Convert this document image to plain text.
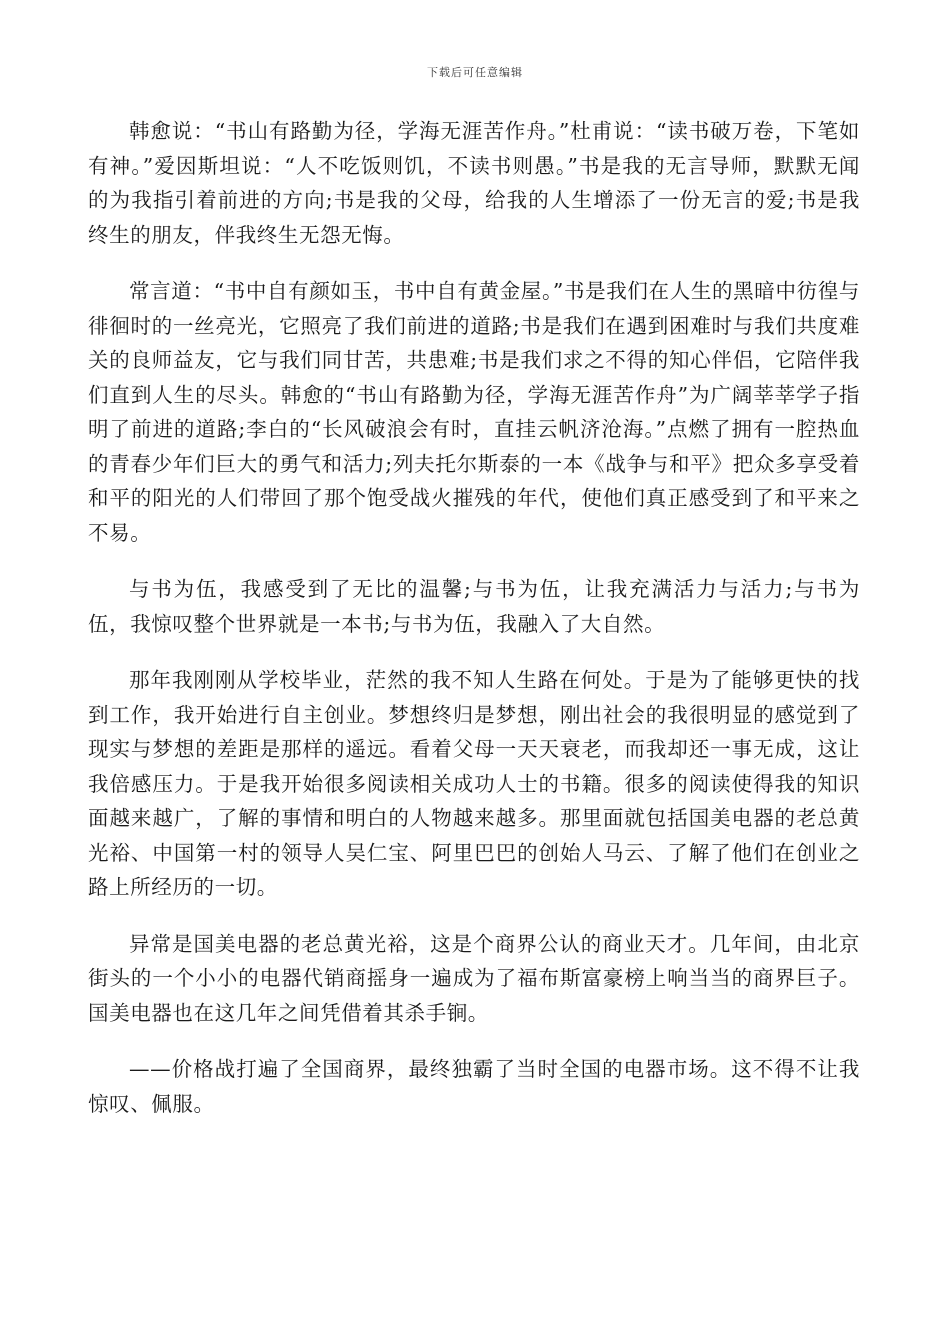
下载后可任意编辑

韩愈说：“书山有路勤为径，学海无涯苦作舟。”杜甫说：“读书破万卷，下笔如有神。”爱因斯坦说：“人不吃饭则饥，不读书则愚。”书是我的无言导师，默默无闻的为我指引着前进的方向;书是我的父母，给我的人生增添了一份无言的爱;书是我终生的朋友，伴我终生无怨无悔。

常言道：“书中自有颜如玉，书中自有黄金屋。”书是我们在人生的黑暗中彷徨与徘徊时的一丝亮光，它照亮了我们前进的道路;书是我们在遇到困难时与我们共度难关的良师益友，它与我们同甘苦，共患难;书是我们求之不得的知心伴侣，它陪伴我们直到人生的尽头。韩愈的“书山有路勤为径，学海无涯苦作舟”为广阔莘莘学子指明了前进的道路;李白的“长风破浪会有时，直挂云帆济沧海。”点燃了拥有一腔热血的青春少年们巨大的勇气和活力;列夫托尔斯泰的一本《战争与和平》把众多享受着和平的阳光的人们带回了那个饱受战火摧残的年代，使他们真正感受到了和平来之不易。

与书为伍，我感受到了无比的温馨;与书为伍，让我充满活力与活力;与书为伍，我惊叹整个世界就是一本书;与书为伍，我融入了大自然。

那年我刚刚从学校毕业，茫然的我不知人生路在何处。于是为了能够更快的找到工作，我开始进行自主创业。梦想终归是梦想，刚出社会的我很明显的感觉到了现实与梦想的差距是那样的遥远。看着父母一天天衰老，而我却还一事无成，这让我倍感压力。于是我开始很多阅读相关成功人士的书籍。很多的阅读使得我的知识面越来越广，了解的事情和明白的人物越来越多。那里面就包括国美电器的老总黄光裕、中国第一村的领导人吴仁宝、阿里巴巴的创始人马云、了解了他们在创业之路上所经历的一切。

异常是国美电器的老总黄光裕，这是个商界公认的商业天才。几年间，由北京街头的一个小小的电器代销商摇身一遍成为了福布斯富豪榜上响当当的商界巨子。国美电器也在这几年之间凭借着其杀手锏。

——价格战打遍了全国商界，最终独霸了当时全国的电器市场。这不得不让我惊叹、佩服。
